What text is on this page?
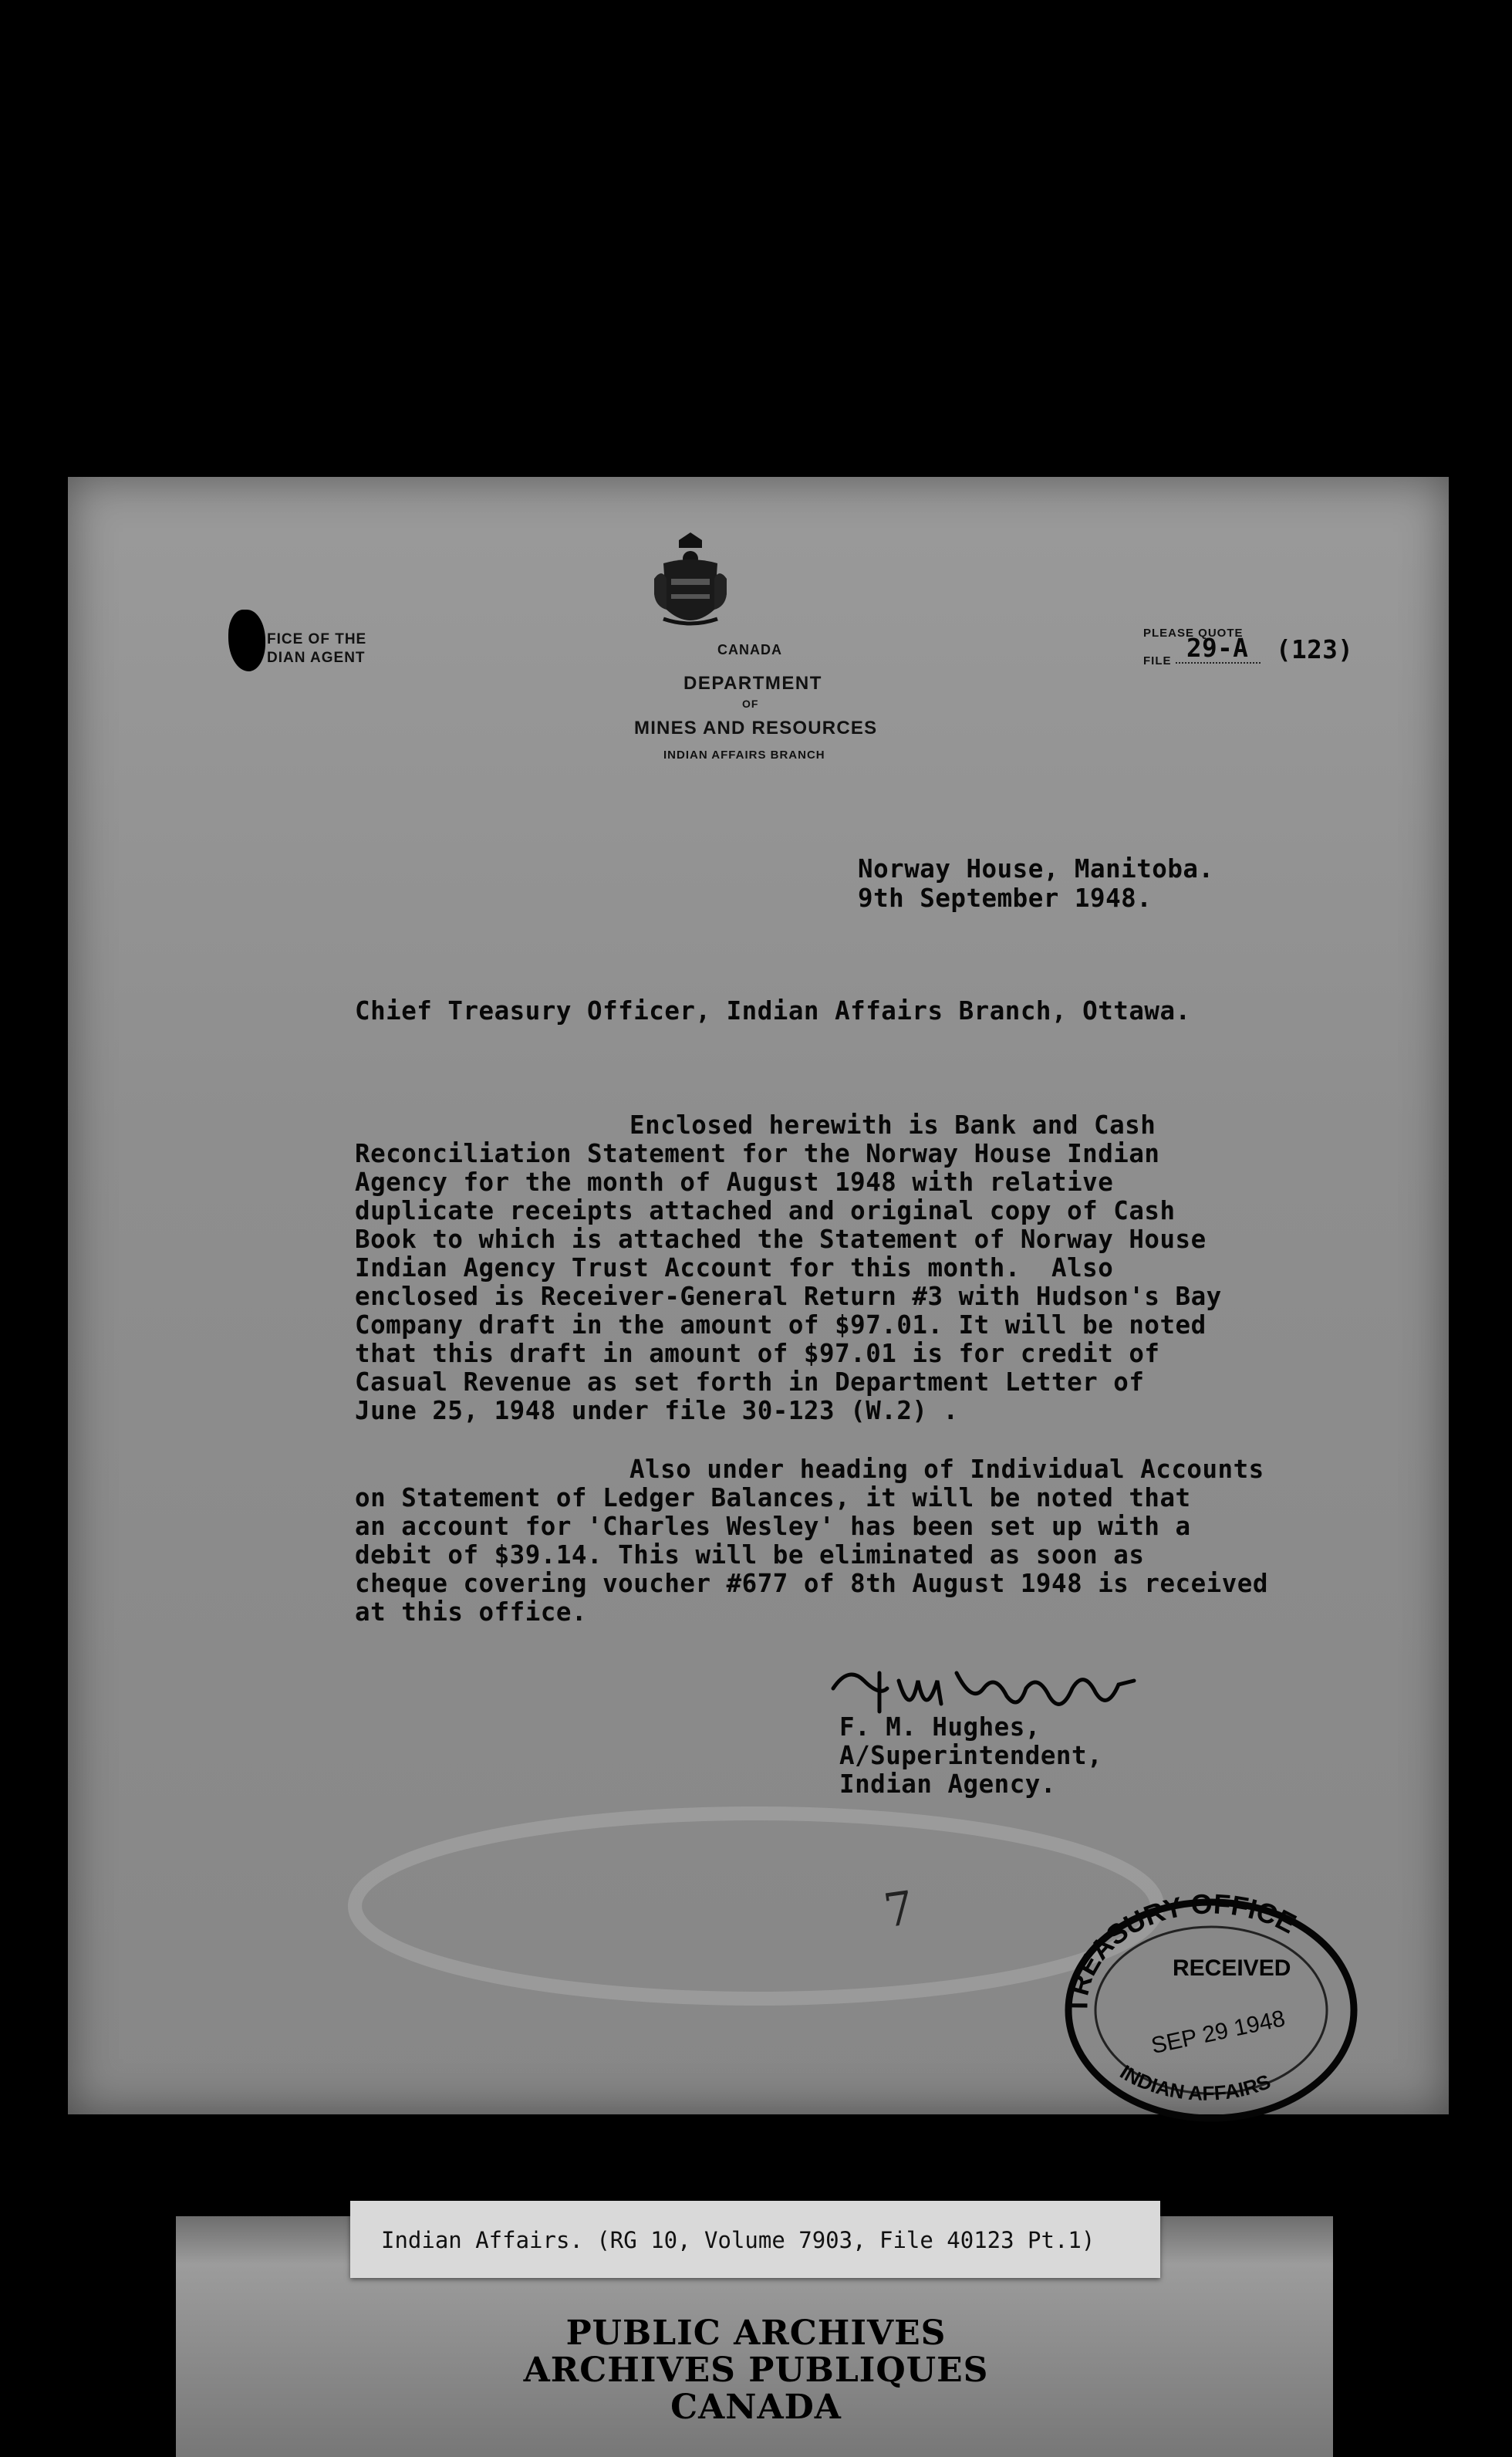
FICE OF THE
DIAN AGENT	CANADA
DEPARTMENT
OF
MINES AND RESOURCES
INDIAN AFFAIRS BRANCH
PLEASE QUOTE
FILE 29-A (123)
Norway House, Manitoba.
9th September 1948.
Chief Treasury Officer, Indian Affairs Branch, Ottawa.
Enclosed herewith is Bank and Cash
Reconciliation Statement for the Norway House Indian
Agency for the month of August 1948 with relative
duplicate receipts attached and original copy of Cash
Book to which is attached the Statement of Norway House
Indian Agency Trust Account for this month.  Also
enclosed is Receiver-General Return #3 with Hudson's Bay
Company draft in the amount of $97.01. It will be noted
that this draft in amount of $97.01 is for credit of
Casual Revenue as set forth in Department Letter of
June 25, 1948 under file 30-123 (W.2) .
Also under heading of Individual Accounts
on Statement of Ledger Balances, it will be noted that
an account for 'Charles Wesley' has been set up with a
debit of $39.14. This will be eliminated as soon as
cheque covering voucher #677 of 8th August 1948 is received
at this office.
F. M. Hughes,
A/Superintendent,
Indian Agency.
7
TREASURY OFFICE
RECEIVED
SEP 29 1948
INDIAN AFFAIRS
Indian Affairs. (RG 10, Volume 7903, File 40123 Pt.1)
PUBLIC ARCHIVES
ARCHIVES PUBLIQUES
CANADA
